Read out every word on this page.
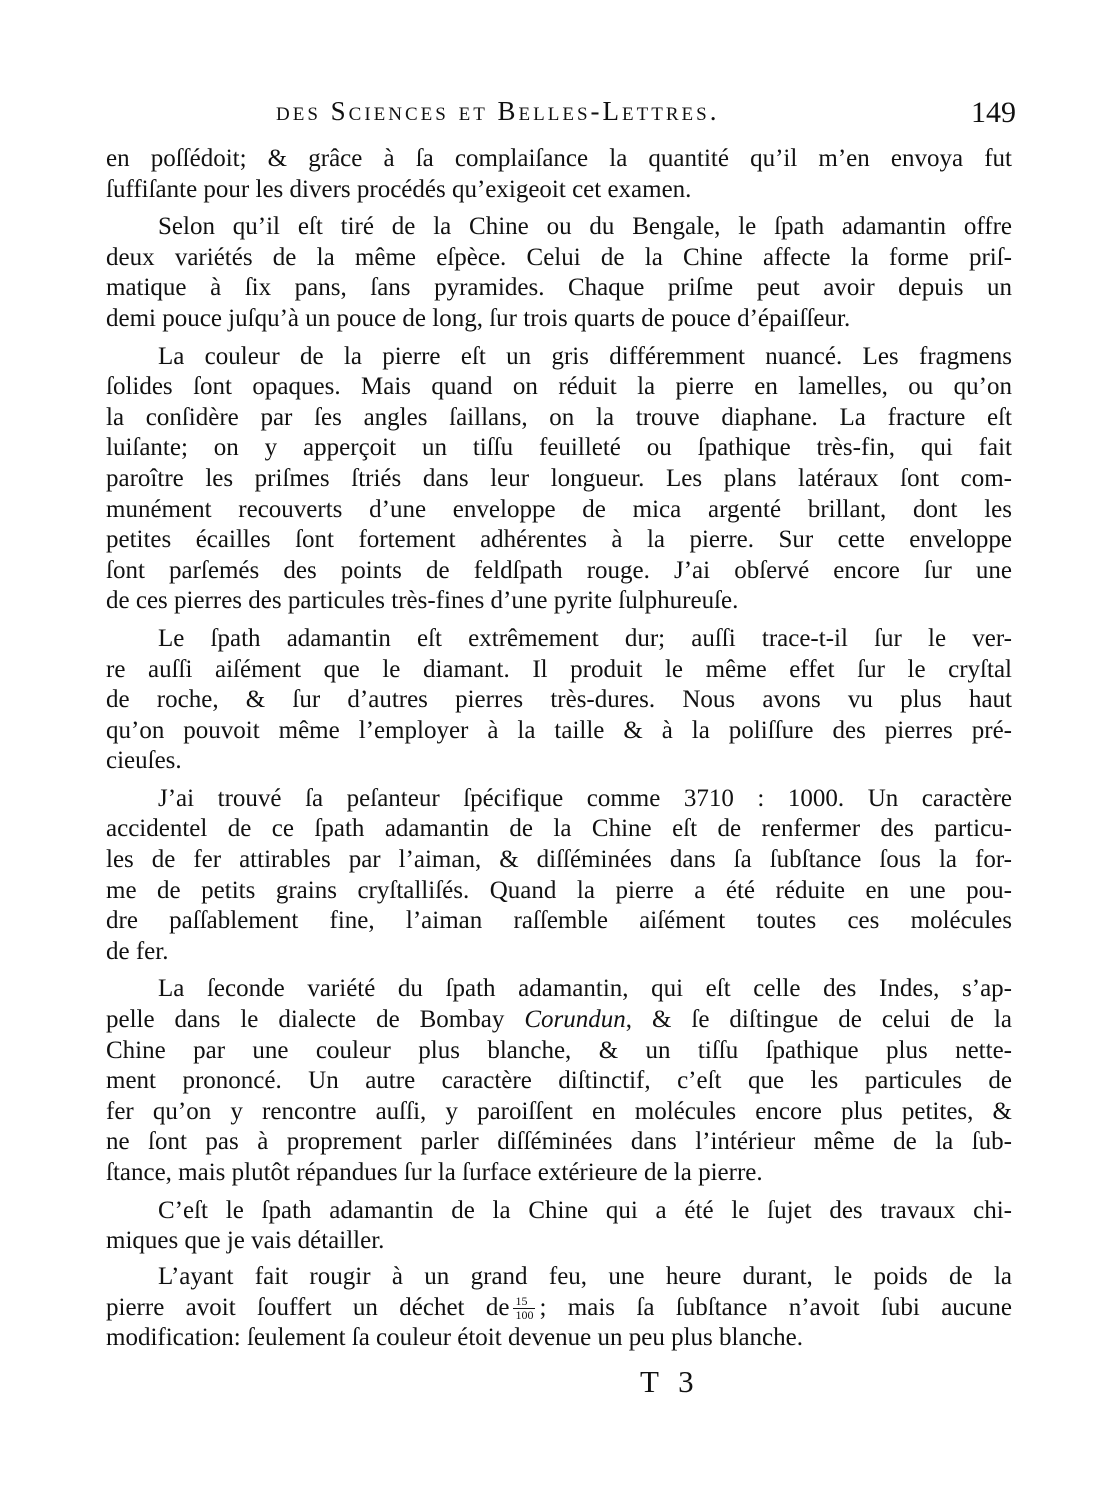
des Sciences et Belles-Lettres.	149

en poſſédoit; & grâce à ſa complaiſance la quantité qu’il m’en envoya fut
ſuffiſante pour les divers procédés qu’exigeoit cet examen.

Selon qu’il eſt tiré de la Chine ou du Bengale, le ſpath adamantin offre
deux variétés de la même eſpèce. Celui de la Chine affecte la forme priſ-
matique à ſix pans, ſans pyramides. Chaque priſme peut avoir depuis un
demi pouce juſqu’à un pouce de long, ſur trois quarts de pouce d’épaiſſeur.

La couleur de la pierre eſt un gris différemment nuancé. Les fragmens
ſolides ſont opaques. Mais quand on réduit la pierre en lamelles, ou qu’on
la conſidère par ſes angles ſaillans, on la trouve diaphane. La fracture eſt
luiſante; on y apperçoit un tiſſu feuilleté ou ſpathique très-fin, qui fait
paroître les priſmes ſtriés dans leur longueur. Les plans latéraux ſont com-
munément recouverts d’une enveloppe de mica argenté brillant, dont les
petites écailles ſont fortement adhérentes à la pierre. Sur cette enveloppe
ſont parſemés des points de feldſpath rouge. J’ai obſervé encore ſur une
de ces pierres des particules très-fines d’une pyrite ſulphureuſe.

Le ſpath adamantin eſt extrêmement dur; auſſi trace-t-il ſur le ver-
re auſſi aiſément que le diamant. Il produit le même effet ſur le cryſtal
de roche, & ſur d’autres pierres très-dures. Nous avons vu plus haut
qu’on pouvoit même l’employer à la taille & à la poliſſure des pierres pré-
cieuſes.

J’ai trouvé ſa peſanteur ſpécifique comme 3710 : 1000. Un caractère
accidentel de ce ſpath adamantin de la Chine eſt de renfermer des particu-
les de fer attirables par l’aiman, & diſſéminées dans ſa ſubſtance ſous la for-
me de petits grains cryſtalliſés. Quand la pierre a été réduite en une pou-
dre paſſablement fine, l’aiman raſſemble aiſément toutes ces molécules
de fer.

La ſeconde variété du ſpath adamantin, qui eſt celle des Indes, s’ap-
pelle dans le dialecte de Bombay Corundun, & ſe diſtingue de celui de la
Chine par une couleur plus blanche, & un tiſſu ſpathique plus nette-
ment prononcé. Un autre caractère diſtinctif, c’eſt que les particules de
fer qu’on y rencontre auſſi, y paroiſſent en molécules encore plus petites, &
ne ſont pas à proprement parler diſſéminées dans l’intérieur même de la ſub-
ſtance, mais plutôt répandues ſur la ſurface extérieure de la pierre.

C’eſt le ſpath adamantin de la Chine qui a été le ſujet des travaux chi-
miques que je vais détailler.

L’ayant fait rougir à un grand feu, une heure durant, le poids de la
pierre avoit ſouffert un déchet de $\frac{15}{100}$ ; mais ſa ſubſtance n’avoit ſubi aucune
modification: ſeulement ſa couleur étoit devenue un peu plus blanche.

T 3
